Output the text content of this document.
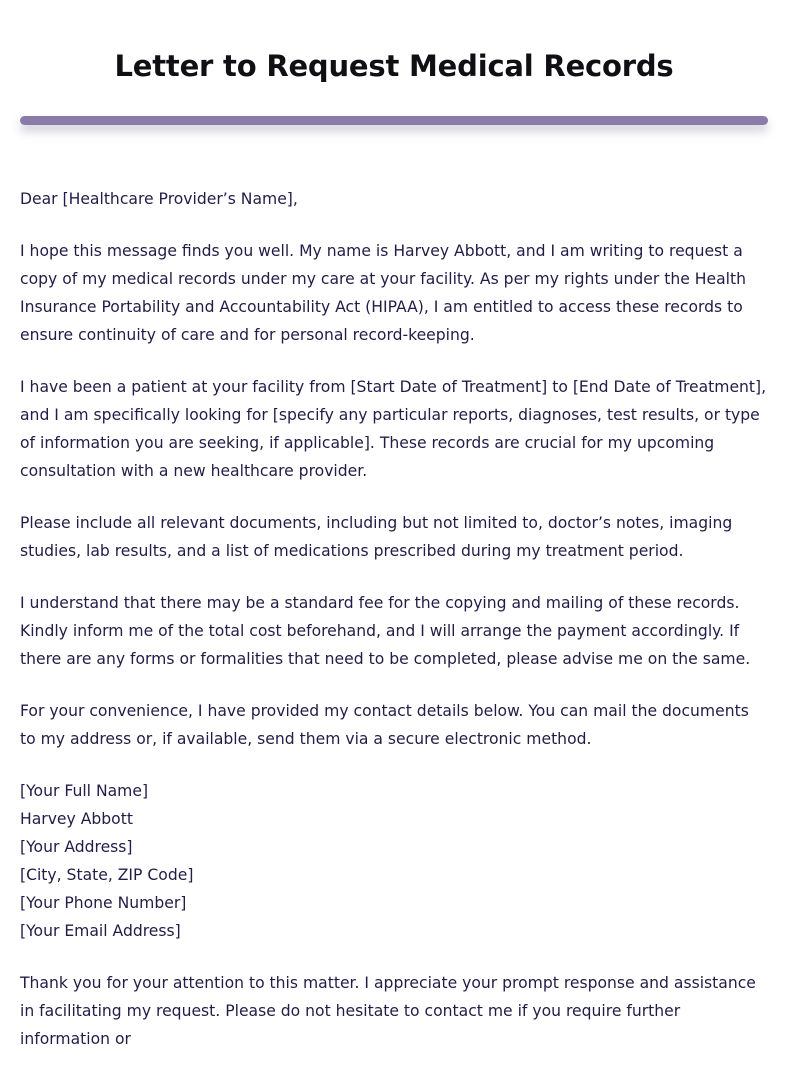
Letter to Request Medical Records

Dear [Healthcare Provider’s Name],

I hope this message finds you well. My name is Harvey Abbott, and I am writing to request a copy of my medical records under my care at your facility. As per my rights under the Health Insurance Portability and Accountability Act (HIPAA), I am entitled to access these records to ensure continuity of care and for personal record-keeping.

I have been a patient at your facility from [Start Date of Treatment] to [End Date of Treatment], and I am specifically looking for [specify any particular reports, diagnoses, test results, or type of information you are seeking, if applicable]. These records are crucial for my upcoming consultation with a new healthcare provider.

Please include all relevant documents, including but not limited to, doctor’s notes, imaging studies, lab results, and a list of medications prescribed during my treatment period.

I understand that there may be a standard fee for the copying and mailing of these records. Kindly inform me of the total cost beforehand, and I will arrange the payment accordingly. If there are any forms or formalities that need to be completed, please advise me on the same.

For your convenience, I have provided my contact details below. You can mail the documents to my address or, if available, send them via a secure electronic method.

[Your Full Name]
Harvey Abbott
[Your Address]
[City, State, ZIP Code]
[Your Phone Number]
[Your Email Address]

Thank you for your attention to this matter. I appreciate your prompt response and assistance in facilitating my request. Please do not hesitate to contact me if you require further information or
